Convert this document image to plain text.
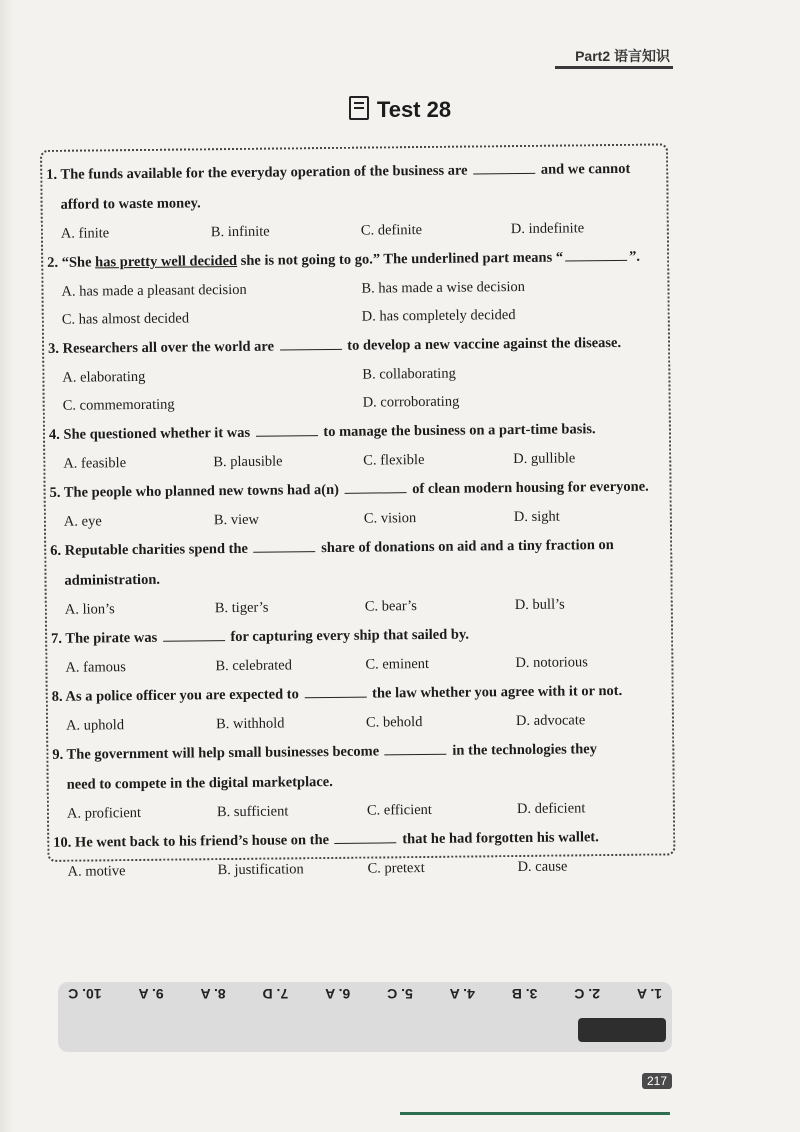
Part2 语言知识
Test 28
1. The funds available for the everyday operation of the business are	and we cannot
afford to waste money.
A. finite	B. infinite	C. definite	D. indefinite
2. “She has pretty well decided she is not going to go.” The underlined part means “	”.
A. has made a pleasant decision	B. has made a wise decision
C. has almost decided	D. has completely decided
3. Researchers all over the world are	to develop a new vaccine against the disease.
A. elaborating	B. collaborating
C. commemorating	D. corroborating
4. She questioned whether it was	to manage the business on a part-time basis.
A. feasible	B. plausible	C. flexible	D. gullible
5. The people who planned new towns had a(n)	of clean modern housing for everyone.
A. eye	B. view	C. vision	D. sight
6. Reputable charities spend the	share of donations on aid and a tiny fraction on
administration.
A. lion’s	B. tiger’s	C. bear’s	D. bull’s
7. The pirate was	for capturing every ship that sailed by.
A. famous	B. celebrated	C. eminent	D. notorious
8. As a police officer you are expected to	the law whether you agree with it or not.
A. uphold	B. withhold	C. behold	D. advocate
9. The government will help small businesses become	in the technologies they
need to compete in the digital marketplace.
A. proficient	B. sufficient	C. efficient	D. deficient
10. He went back to his friend’s house on the	that he had forgotten his wallet.
A. motive	B. justification	C. pretext	D. cause
1. A
2. C
3. B
4. A
5. C
6. A
7. D
8. A
9. A
10. C
217
